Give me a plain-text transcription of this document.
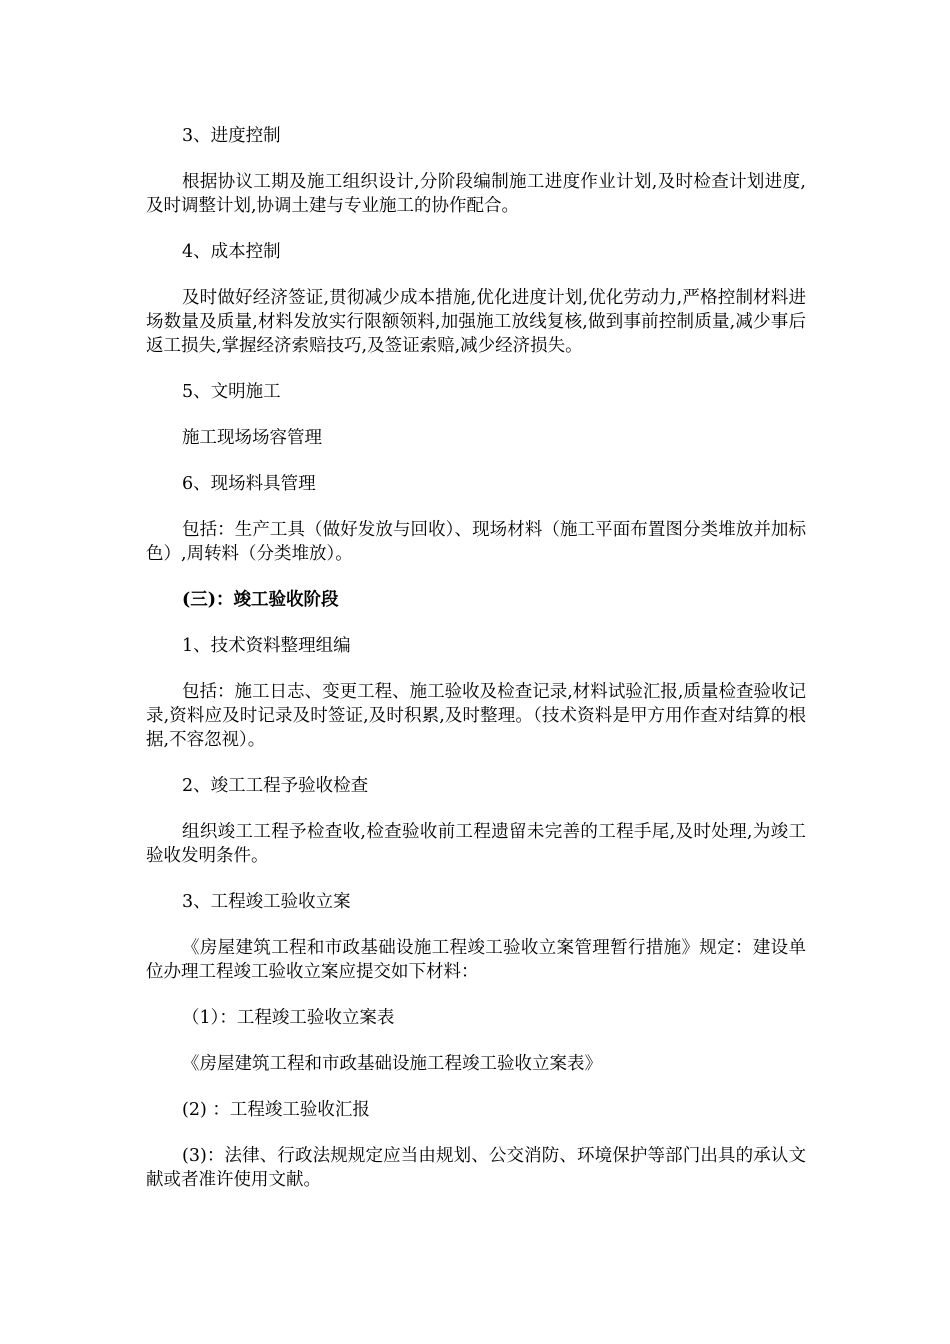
3、进度控制

根据协议工期及施工组织设计,分阶段编制施工进度作业计划,及时检查计划进度,及时调整计划,协调土建与专业施工的协作配合。

4、成本控制

及时做好经济签证,贯彻减少成本措施,优化进度计划,优化劳动力,严格控制材料进场数量及质量,材料发放实行限额领料,加强施工放线复核,做到事前控制质量,减少事后返工损失,掌握经济索赔技巧,及签证索赔,减少经济损失。

5、文明施工

施工现场场容管理

6、现场料具管理

包括：生产工具（做好发放与回收）、现场材料（施工平面布置图分类堆放并加标色）,周转料（分类堆放）。

(三)：竣工验收阶段

1、技术资料整理组编

包括：施工日志、变更工程、施工验收及检查记录,材料试验汇报,质量检查验收记录,资料应及时记录及时签证,及时积累,及时整理。（技术资料是甲方用作查对结算的根据,不容忽视）。

2、竣工工程予验收检查

组织竣工工程予检查收,检查验收前工程遗留未完善的工程手尾,及时处理,为竣工验收发明条件。

3、工程竣工验收立案

《房屋建筑工程和市政基础设施工程竣工验收立案管理暂行措施》规定：建设单位办理工程竣工验收立案应提交如下材料：

（1）：工程竣工验收立案表

《房屋建筑工程和市政基础设施工程竣工验收立案表》

(2) ：工程竣工验收汇报

(3)：法律、行政法规规定应当由规划、公交消防、环境保护等部门出具的承认文献或者准许使用文献。
